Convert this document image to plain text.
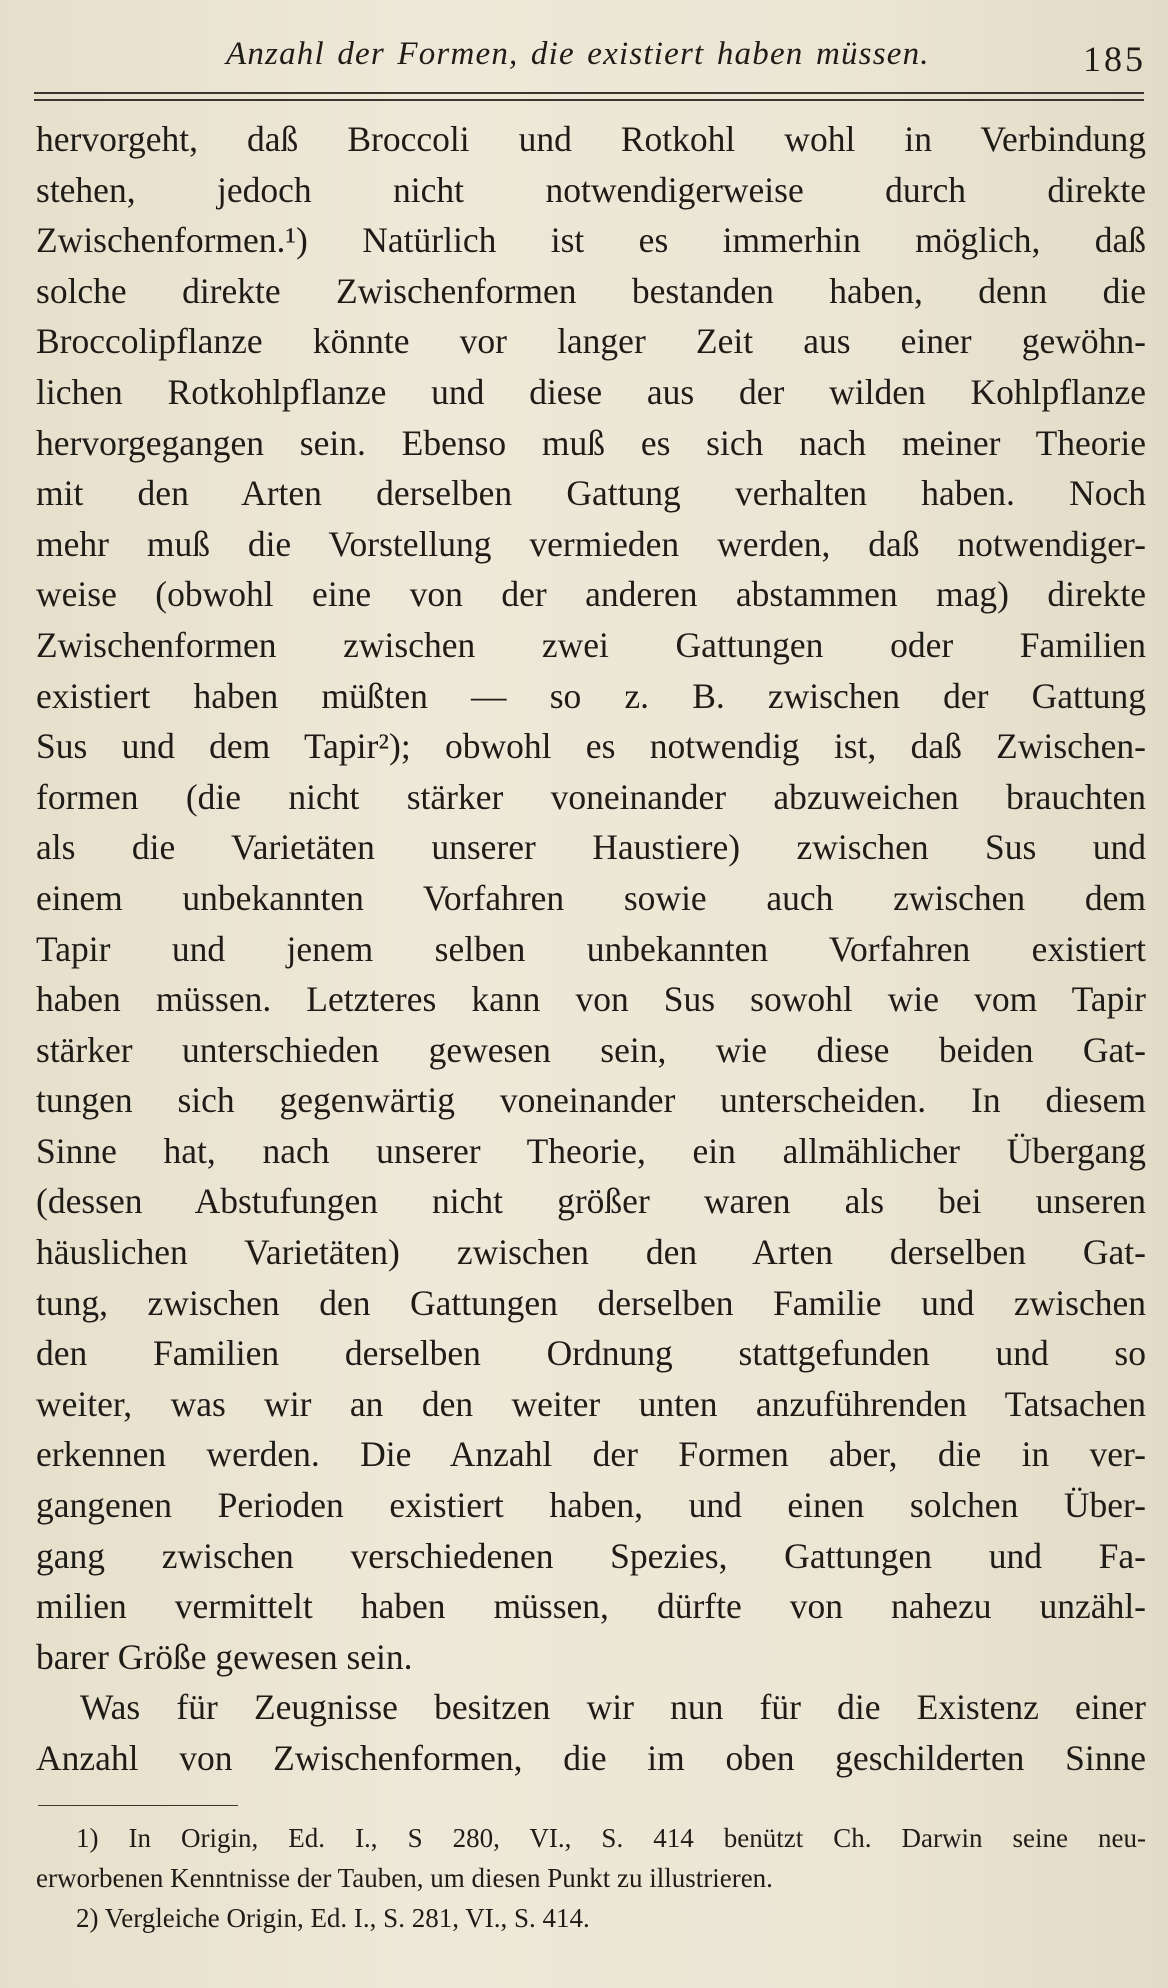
Anzahl der Formen, die existiert haben müssen.	185
hervorgeht, daß Broccoli und Rotkohl wohl in Verbindung
stehen, jedoch nicht notwendigerweise durch direkte
Zwischenformen.¹) Natürlich ist es immerhin möglich, daß
solche direkte Zwischenformen bestanden haben, denn die
Broccolipflanze könnte vor langer Zeit aus einer gewöhn-
lichen Rotkohlpflanze und diese aus der wilden Kohlpflanze
hervorgegangen sein. Ebenso muß es sich nach meiner Theorie
mit den Arten derselben Gattung verhalten haben. Noch
mehr muß die Vorstellung vermieden werden, daß notwendiger-
weise (obwohl eine von der anderen abstammen mag) direkte
Zwischenformen zwischen zwei Gattungen oder Familien
existiert haben müßten — so z. B. zwischen der Gattung
Sus und dem Tapir²); obwohl es notwendig ist, daß Zwischen-
formen (die nicht stärker voneinander abzuweichen brauchten
als die Varietäten unserer Haustiere) zwischen Sus und
einem unbekannten Vorfahren sowie auch zwischen dem
Tapir und jenem selben unbekannten Vorfahren existiert
haben müssen. Letzteres kann von Sus sowohl wie vom Tapir
stärker unterschieden gewesen sein, wie diese beiden Gat-
tungen sich gegenwärtig voneinander unterscheiden. In diesem
Sinne hat, nach unserer Theorie, ein allmählicher Übergang
(dessen Abstufungen nicht größer waren als bei unseren
häuslichen Varietäten) zwischen den Arten derselben Gat-
tung, zwischen den Gattungen derselben Familie und zwischen
den Familien derselben Ordnung stattgefunden und so
weiter, was wir an den weiter unten anzuführenden Tatsachen
erkennen werden. Die Anzahl der Formen aber, die in ver-
gangenen Perioden existiert haben, und einen solchen Über-
gang zwischen verschiedenen Spezies, Gattungen und Fa-
milien vermittelt haben müssen, dürfte von nahezu unzähl-
barer Größe gewesen sein.
Was für Zeugnisse besitzen wir nun für die Existenz einer
Anzahl von Zwischenformen, die im oben geschilderten Sinne
1) In Origin, Ed. I., S 280, VI., S. 414 benützt Ch. Darwin seine neu-
erworbenen Kenntnisse der Tauben, um diesen Punkt zu illustrieren.
2) Vergleiche Origin, Ed. I., S. 281, VI., S. 414.
